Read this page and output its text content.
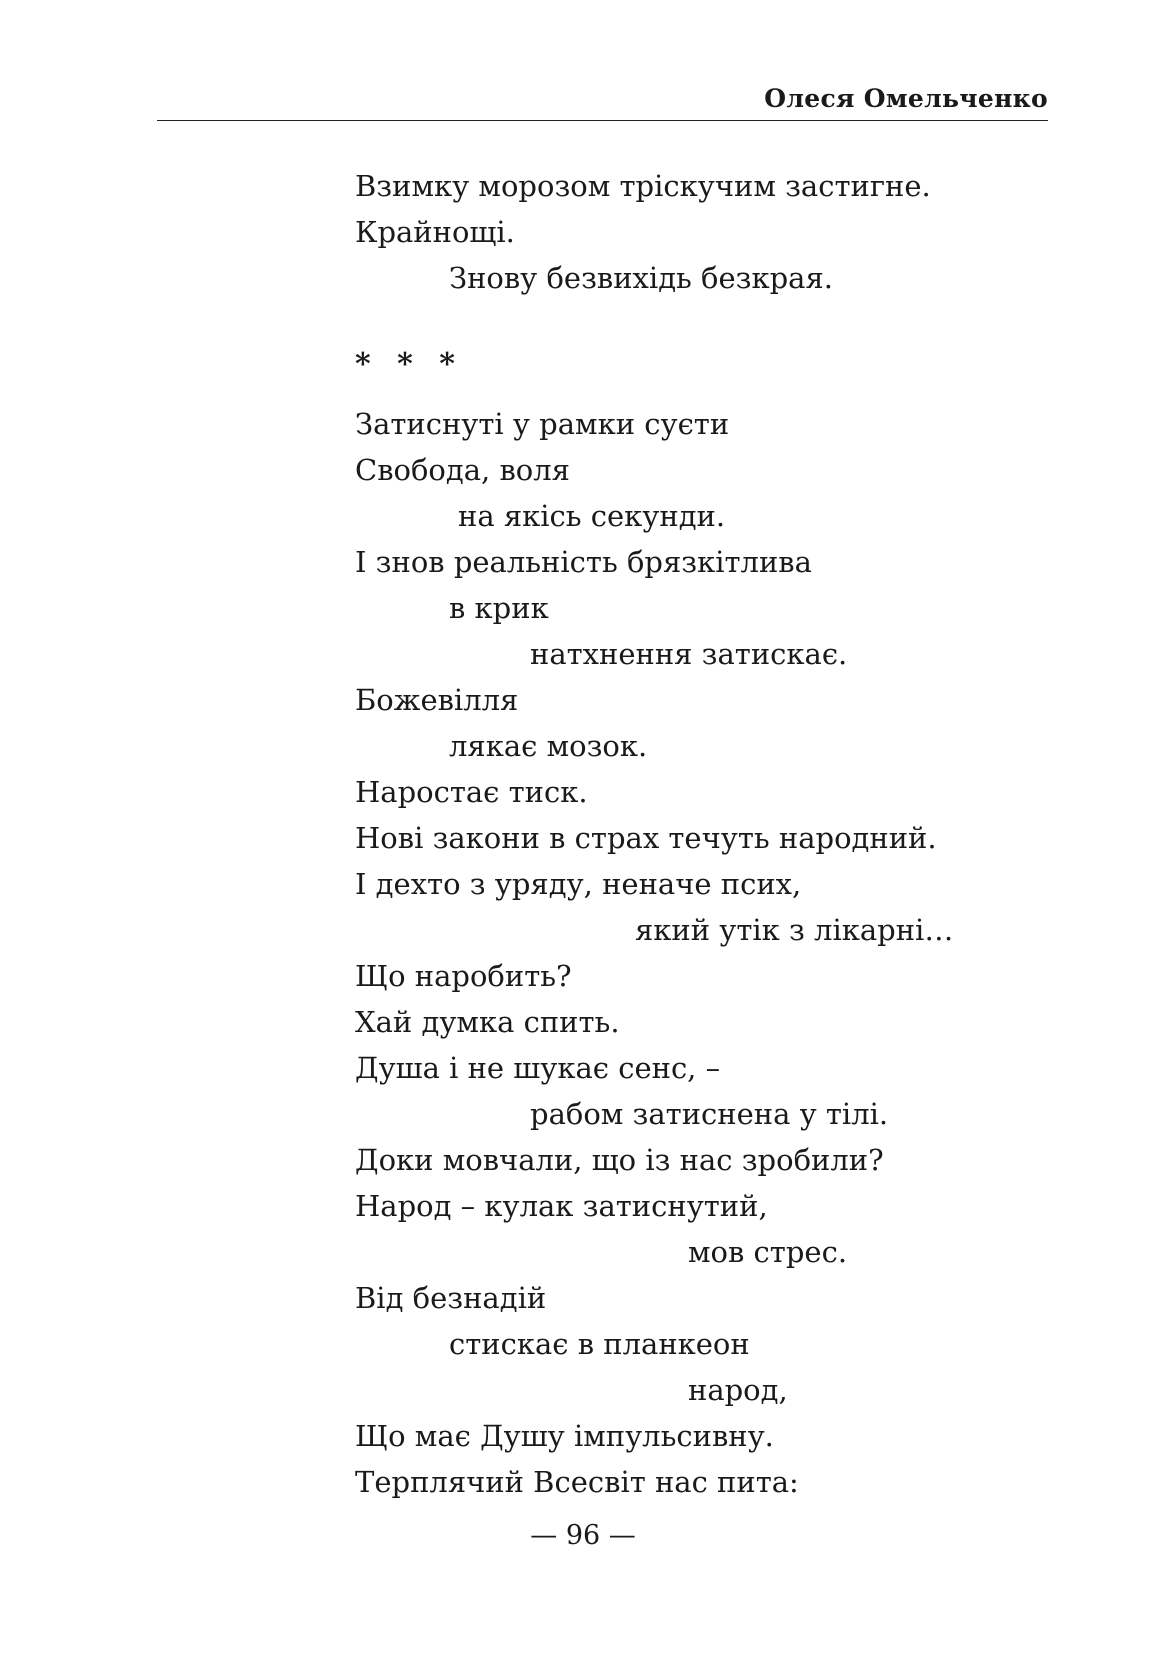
Олеся Омельченко
Взимку морозом тріскучим застигне.
Крайнощі.
Знову безвихідь безкрая.
* * *
Затиснуті у рамки суєти
Свобода, воля
на якісь секунди.
І знов реальність брязкітлива
в крик
натхнення затискає.
Божевілля
лякає мозок.
Наростає тиск.
Нові закони в страх течуть народний.
І дехто з уряду, неначе псих,
який утік з лікарні…
Що наробить?
Хай думка спить.
Душа і не шукає сенс, –
рабом затиснена у тілі.
Доки мовчали, що із нас зробили?
Народ – кулак затиснутий,
мов стрес.
Від безнадій
стискає в планкеон
народ,
Що має Душу імпульсивну.
Терплячий Всесвіт нас пита:
— 96 —
